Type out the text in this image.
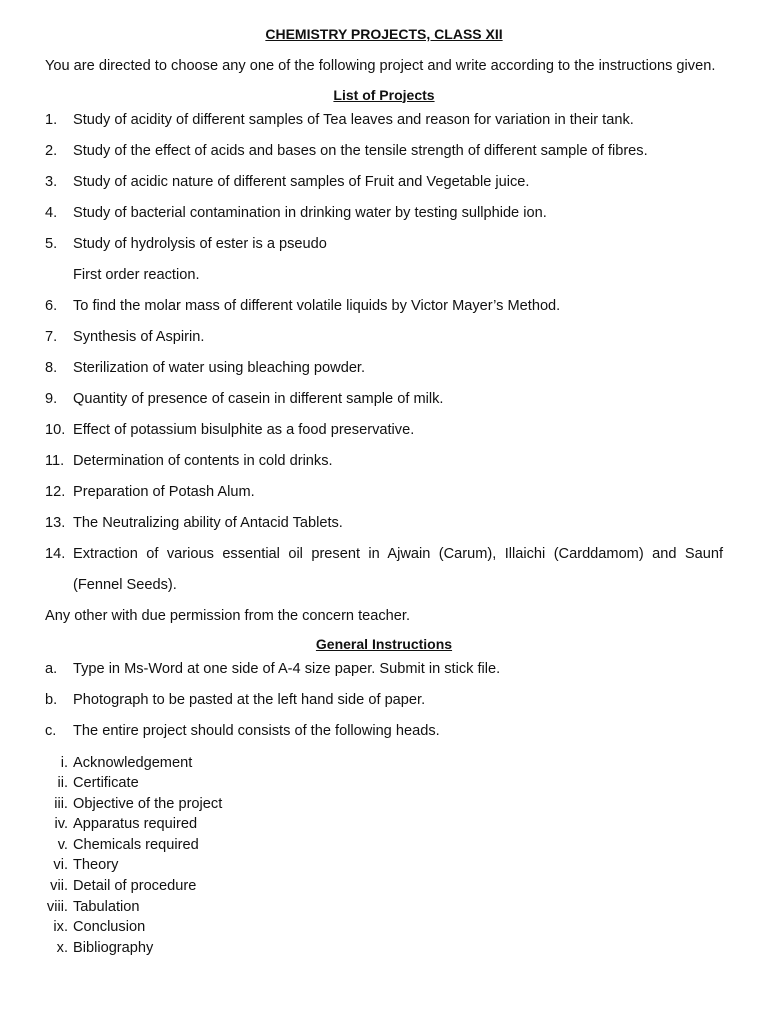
CHEMISTRY PROJECTS, CLASS XII

You are directed to choose any one of the following project and write according to the instructions given.

List of Projects
1.	Study of acidity of different samples of Tea leaves and reason for variation in their tank.
2.	Study of the effect of acids and bases on the tensile strength of different sample of fibres.
3.	Study of acidic nature of different samples of Fruit and Vegetable juice.
4.	Study of bacterial contamination in drinking water by testing sullphide ion.
5.	Study of hydrolysis of ester is a pseudo
First order reaction.
6.	To find the molar mass of different volatile liquids by Victor Mayer’s Method.
7.	Synthesis of Aspirin.
8.	Sterilization of water using bleaching powder.
9.	Quantity of presence of casein in different sample of milk.
10. Effect of potassium bisulphite as a food preservative.
11. Determination of contents in cold drinks.
12. Preparation of Potash Alum.
13. The Neutralizing ability of Antacid Tablets.
14. Extraction of various essential oil present in Ajwain (Carum), Illaichi (Carddamom) and Saunf (Fennel Seeds).

Any other with due permission from the concern teacher.

General Instructions
a.	Type in Ms-Word at one side of A-4 size paper. Submit in stick file.
b.	Photograph to be pasted at the left hand side of paper.
c.	The entire project should consists of the following heads.
i. Acknowledgement
ii. Certificate
iii. Objective of the project
iv. Apparatus required
v. Chemicals required
vi. Theory
vii. Detail of procedure
viii. Tabulation
ix. Conclusion
x. Bibliography
